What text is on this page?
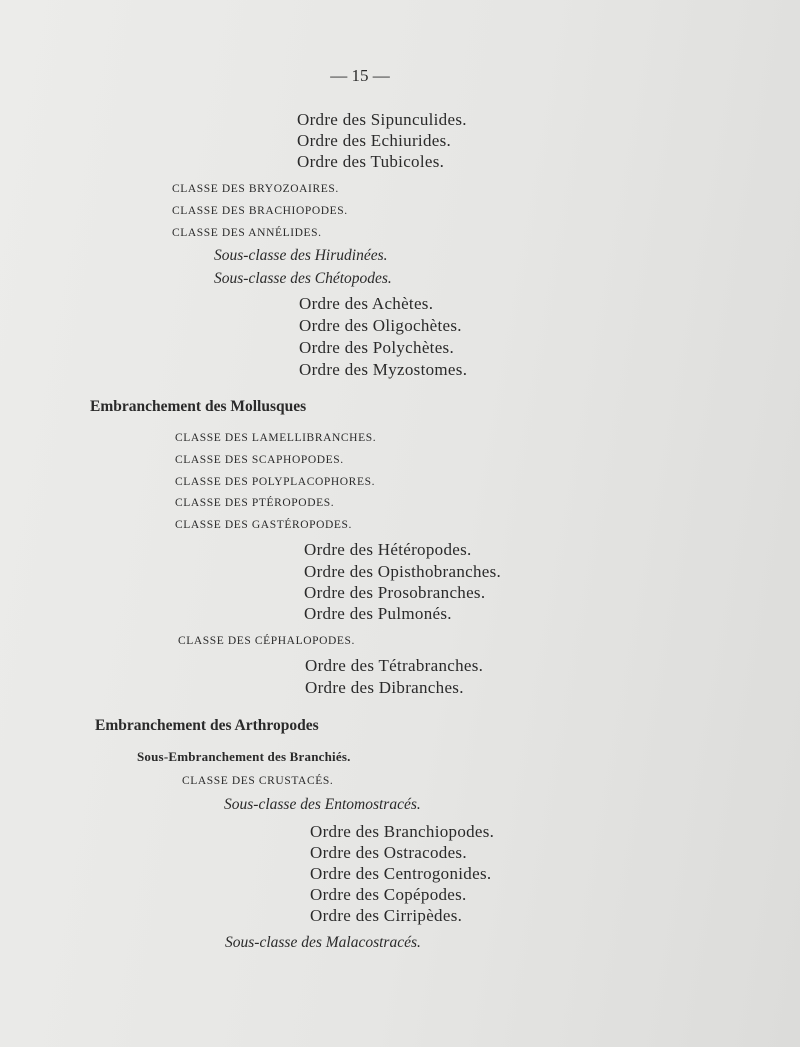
— 15 —
Ordre des Sipunculides.
Ordre des Echiurides.
Ordre des Tubicoles.
CLASSE DES BRYOZOAIRES.
CLASSE DES BRACHIOPODES.
CLASSE DES ANNÉLIDES.
Sous-classe des Hirudinées.
Sous-classe des Chétopodes.
Ordre des Achètes.
Ordre des Oligochètes.
Ordre des Polychètes.
Ordre des Myzostomes.
Embranchement des Mollusques
CLASSE DES LAMELLIBRANCHES.
CLASSE DES SCAPHOPODES.
CLASSE DES POLYPLACOPHORES.
CLASSE DES PTÉROPODES.
CLASSE DES GASTÉROPODES.
Ordre des Hétéropodes.
Ordre des Opisthobranches.
Ordre des Prosobranches.
Ordre des Pulmonés.
CLASSE DES CÉPHALOPODES.
Ordre des Tétrabranches.
Ordre des Dibranches.
Embranchement des Arthropodes
Sous-Embranchement des Branchiés.
CLASSE DES CRUSTACÉS.
Sous-classe des Entomostracés.
Ordre des Branchiopodes.
Ordre des Ostracodes.
Ordre des Centrogonides.
Ordre des Copépodes.
Ordre des Cirripèdes.
Sous-classe des Malacostracés.
